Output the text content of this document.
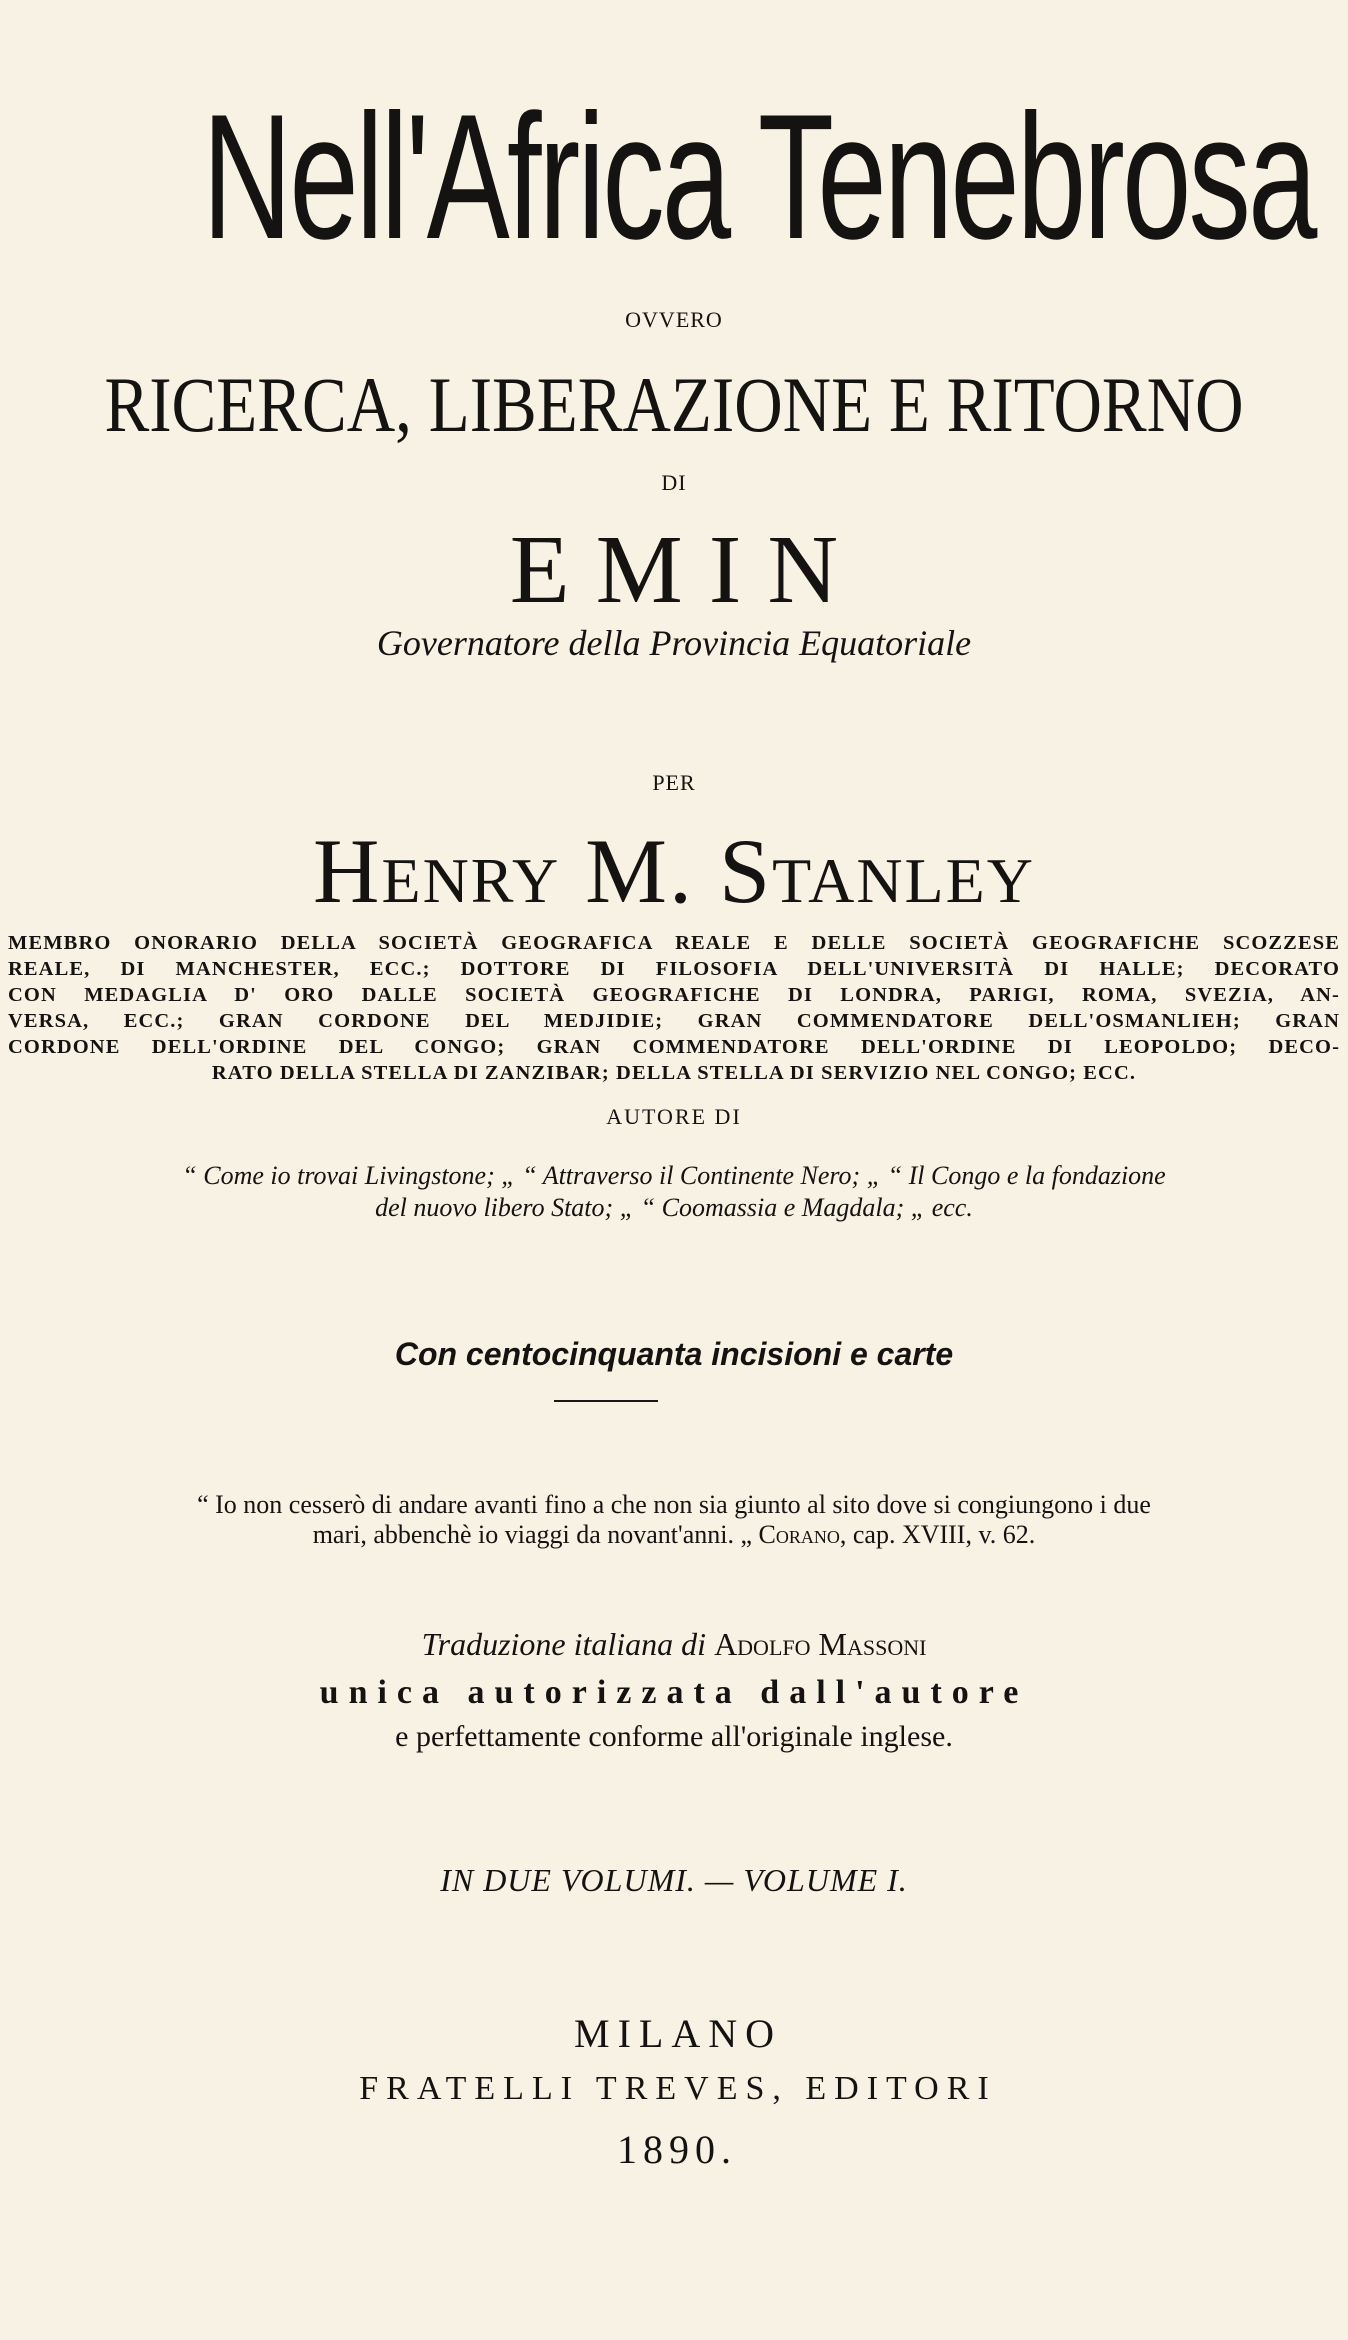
Nell'Africa Tenebrosa
OVVERO
RICERCA, LIBERAZIONE E RITORNO
DI
EMIN
Governatore della Provincia Equatoriale
PER
Henry M. Stanley
MEMBRO ONORARIO DELLA SOCIETÀ GEOGRAFICA REALE E DELLE SOCIETÀ GEOGRAFICHE SCOZZESE
REALE, DI MANCHESTER, ECC.; DOTTORE DI FILOSOFIA DELL'UNIVERSITÀ DI HALLE; DECORATO
CON MEDAGLIA D' ORO DALLE SOCIETÀ GEOGRAFICHE DI LONDRA, PARIGI, ROMA, SVEZIA, AN-
VERSA, ECC.; GRAN CORDONE DEL MEDJIDIE; GRAN COMMENDATORE DELL'OSMANLIEH; GRAN
CORDONE DELL'ORDINE DEL CONGO; GRAN COMMENDATORE DELL'ORDINE DI LEOPOLDO; DECO-
RATO DELLA STELLA DI ZANZIBAR; DELLA STELLA DI SERVIZIO NEL CONGO; ECC.
AUTORE DI
“ Come io trovai Livingstone; „ “ Attraverso il Continente Nero; „ “ Il Congo e la fondazione
del nuovo libero Stato; „ “ Coomassia e Magdala; „ ecc.
Con centocinquanta incisioni e carte
“ Io non cesserò di andare avanti fino a che non sia giunto al sito dove si congiungono i due
mari, abbenchè io viaggi da novant'anni. „ Corano, cap. XVIII, v. 62.
Traduzione italiana di Adolfo Massoni
unica autorizzata dall'autore
e perfettamente conforme all'originale inglese.
IN DUE VOLUMI. — VOLUME I.
MILANO
FRATELLI TREVES, EDITORI
1890.
